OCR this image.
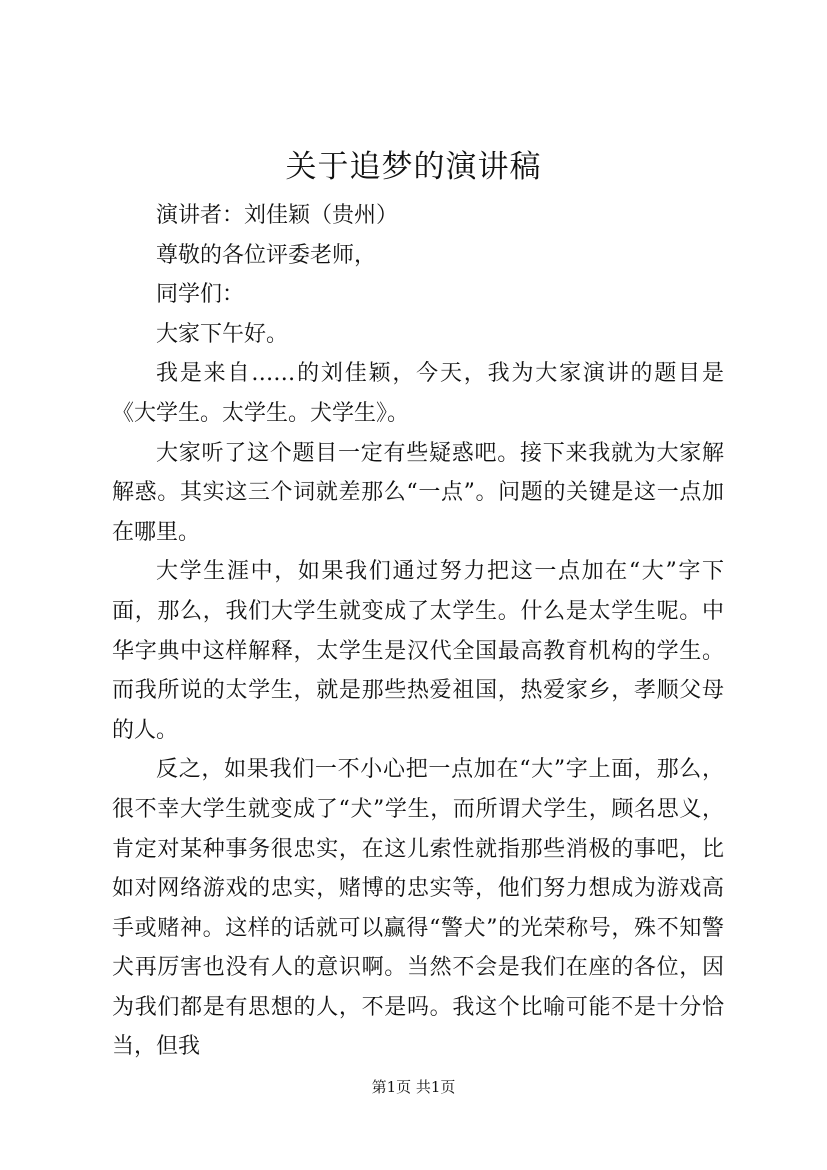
关于追梦的演讲稿

演讲者：刘佳颖（贵州）

尊敬的各位评委老师，

同学们：

大家下午好。

我是来自……的刘佳颖，今天，我为大家演讲的题目是《大学生。太学生。犬学生》。

大家听了这个题目一定有些疑惑吧。接下来我就为大家解解惑。其实这三个词就差那么“一点”。问题的关键是这一点加在哪里。

大学生涯中，如果我们通过努力把这一点加在“大”字下面，那么，我们大学生就变成了太学生。什么是太学生呢。中华字典中这样解释，太学生是汉代全国最高教育机构的学生。而我所说的太学生，就是那些热爱祖国，热爱家乡，孝顺父母的人。

反之，如果我们一不小心把一点加在“大”字上面，那么，很不幸大学生就变成了“犬”学生，而所谓犬学生，顾名思义，肯定对某种事务很忠实，在这儿索性就指那些消极的事吧，比如对网络游戏的忠实，赌博的忠实等，他们努力想成为游戏高手或赌神。这样的话就可以赢得“警犬”的光荣称号，殊不知警犬再厉害也没有人的意识啊。当然不会是我们在座的各位，因为我们都是有思想的人，不是吗。我这个比喻可能不是十分恰当，但我

第1页 共1页
